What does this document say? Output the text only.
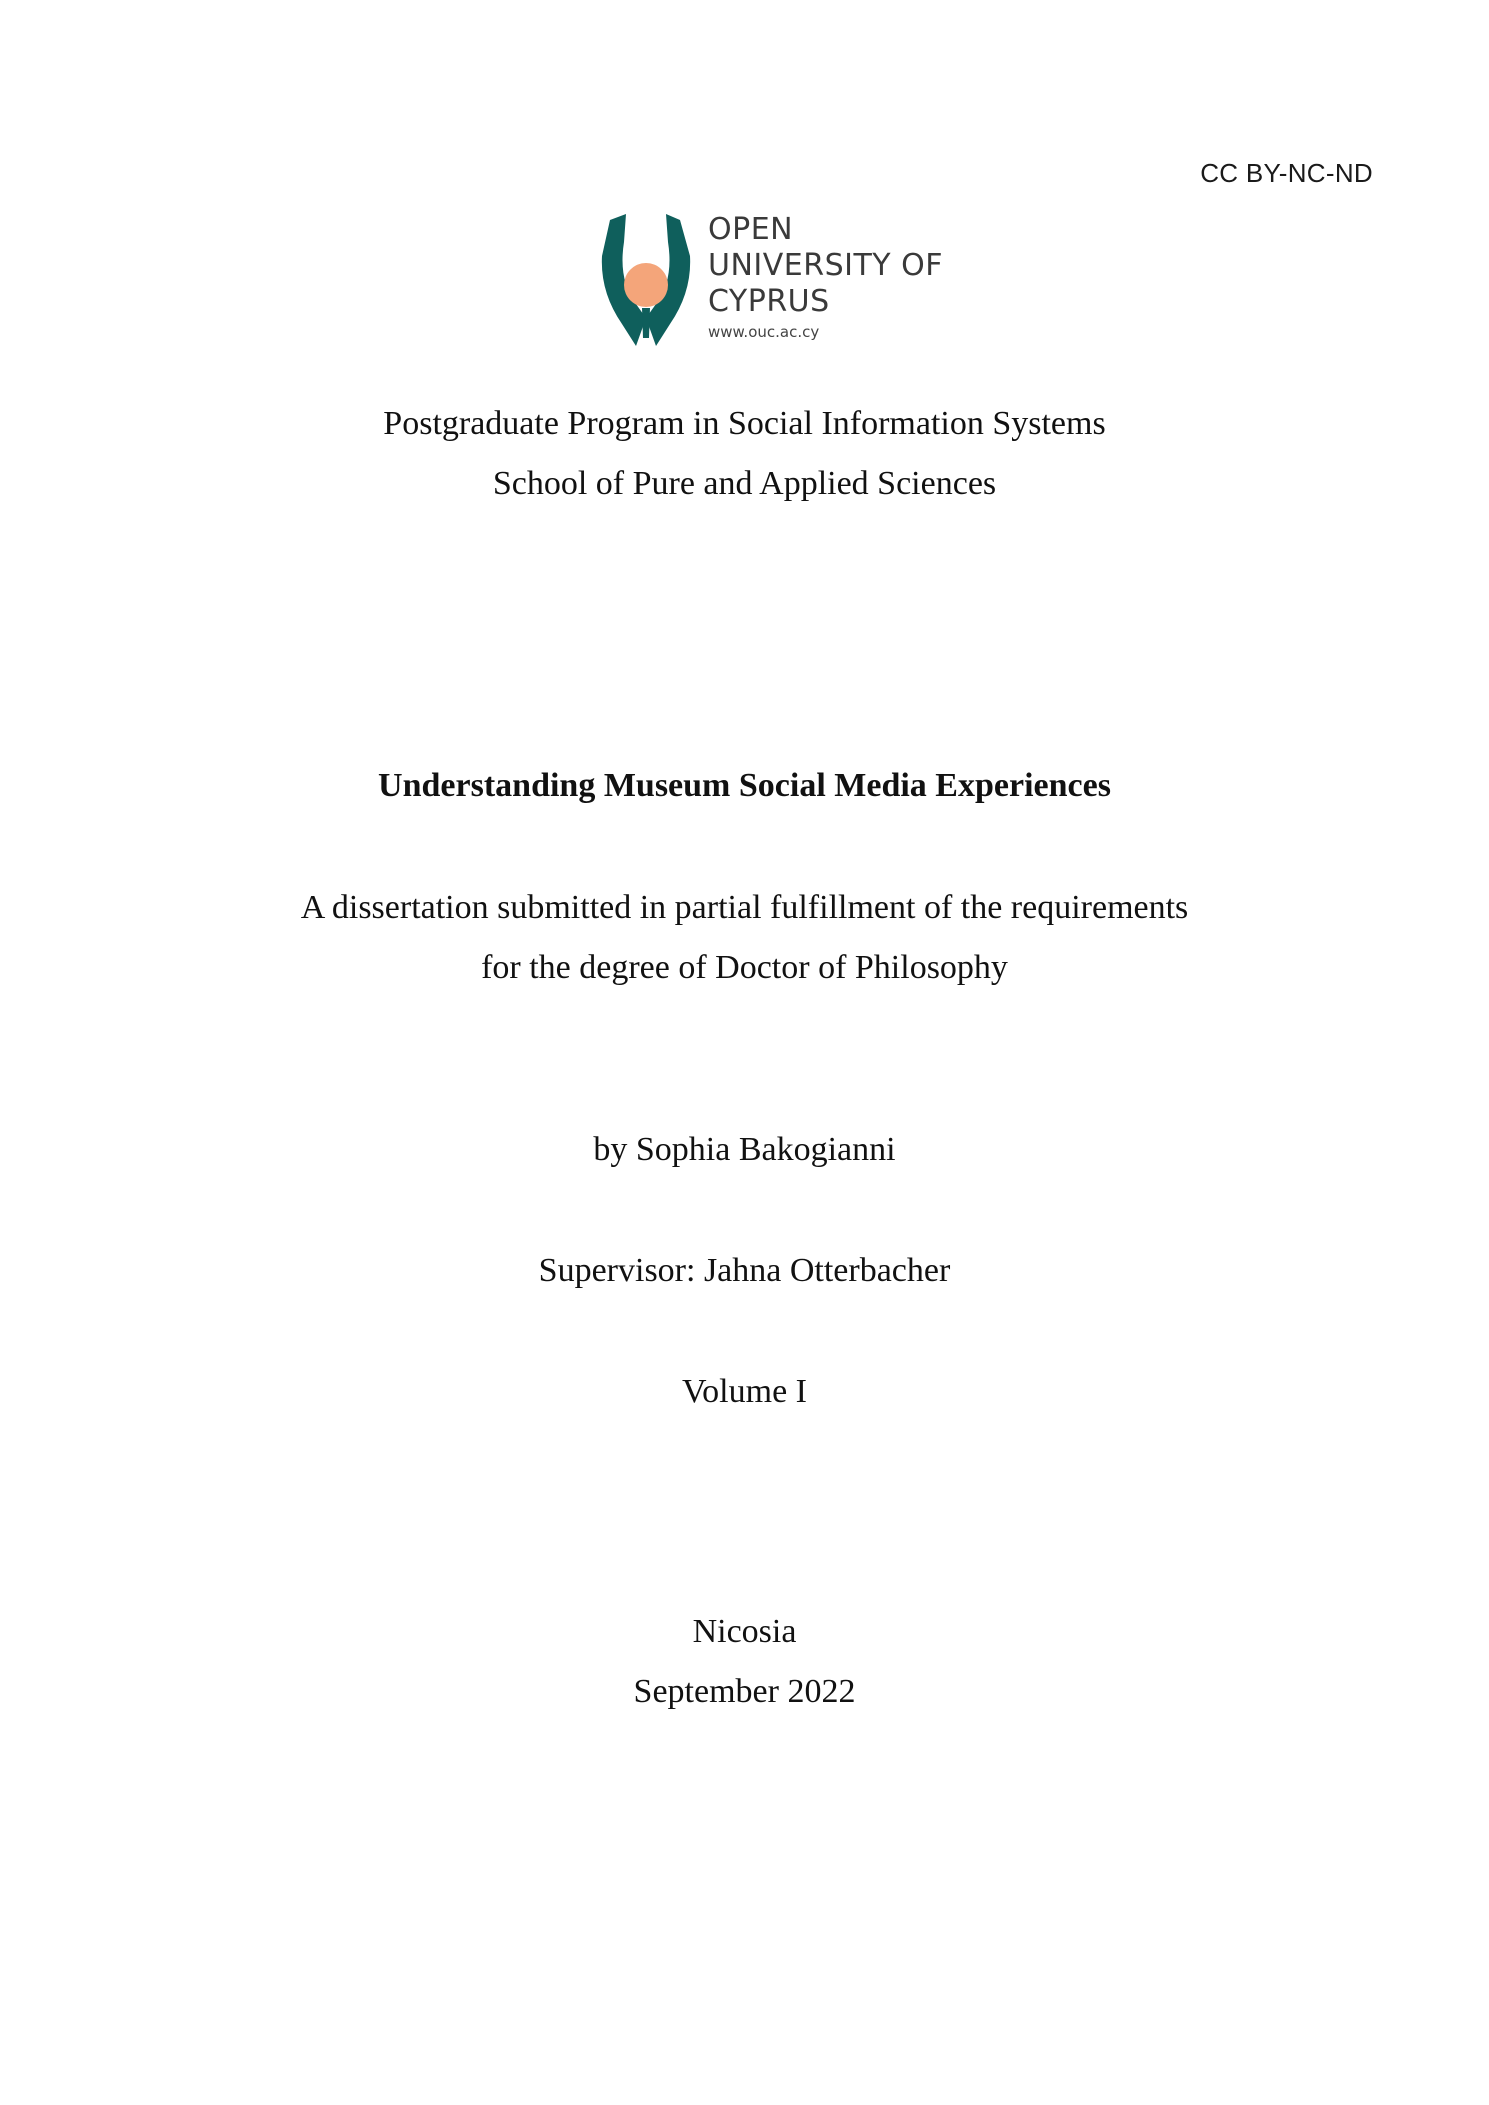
CC BY-NC-ND
OPEN
UNIVERSITY OF
CYPRUS
www.ouc.ac.cy
Postgraduate Program in Social Information Systems
School of Pure and Applied Sciences
Understanding Museum Social Media Experiences
A dissertation submitted in partial fulfillment of the requirements
for the degree of Doctor of Philosophy
by Sophia Bakogianni
Supervisor: Jahna Otterbacher
Volume I
Nicosia
September 2022
